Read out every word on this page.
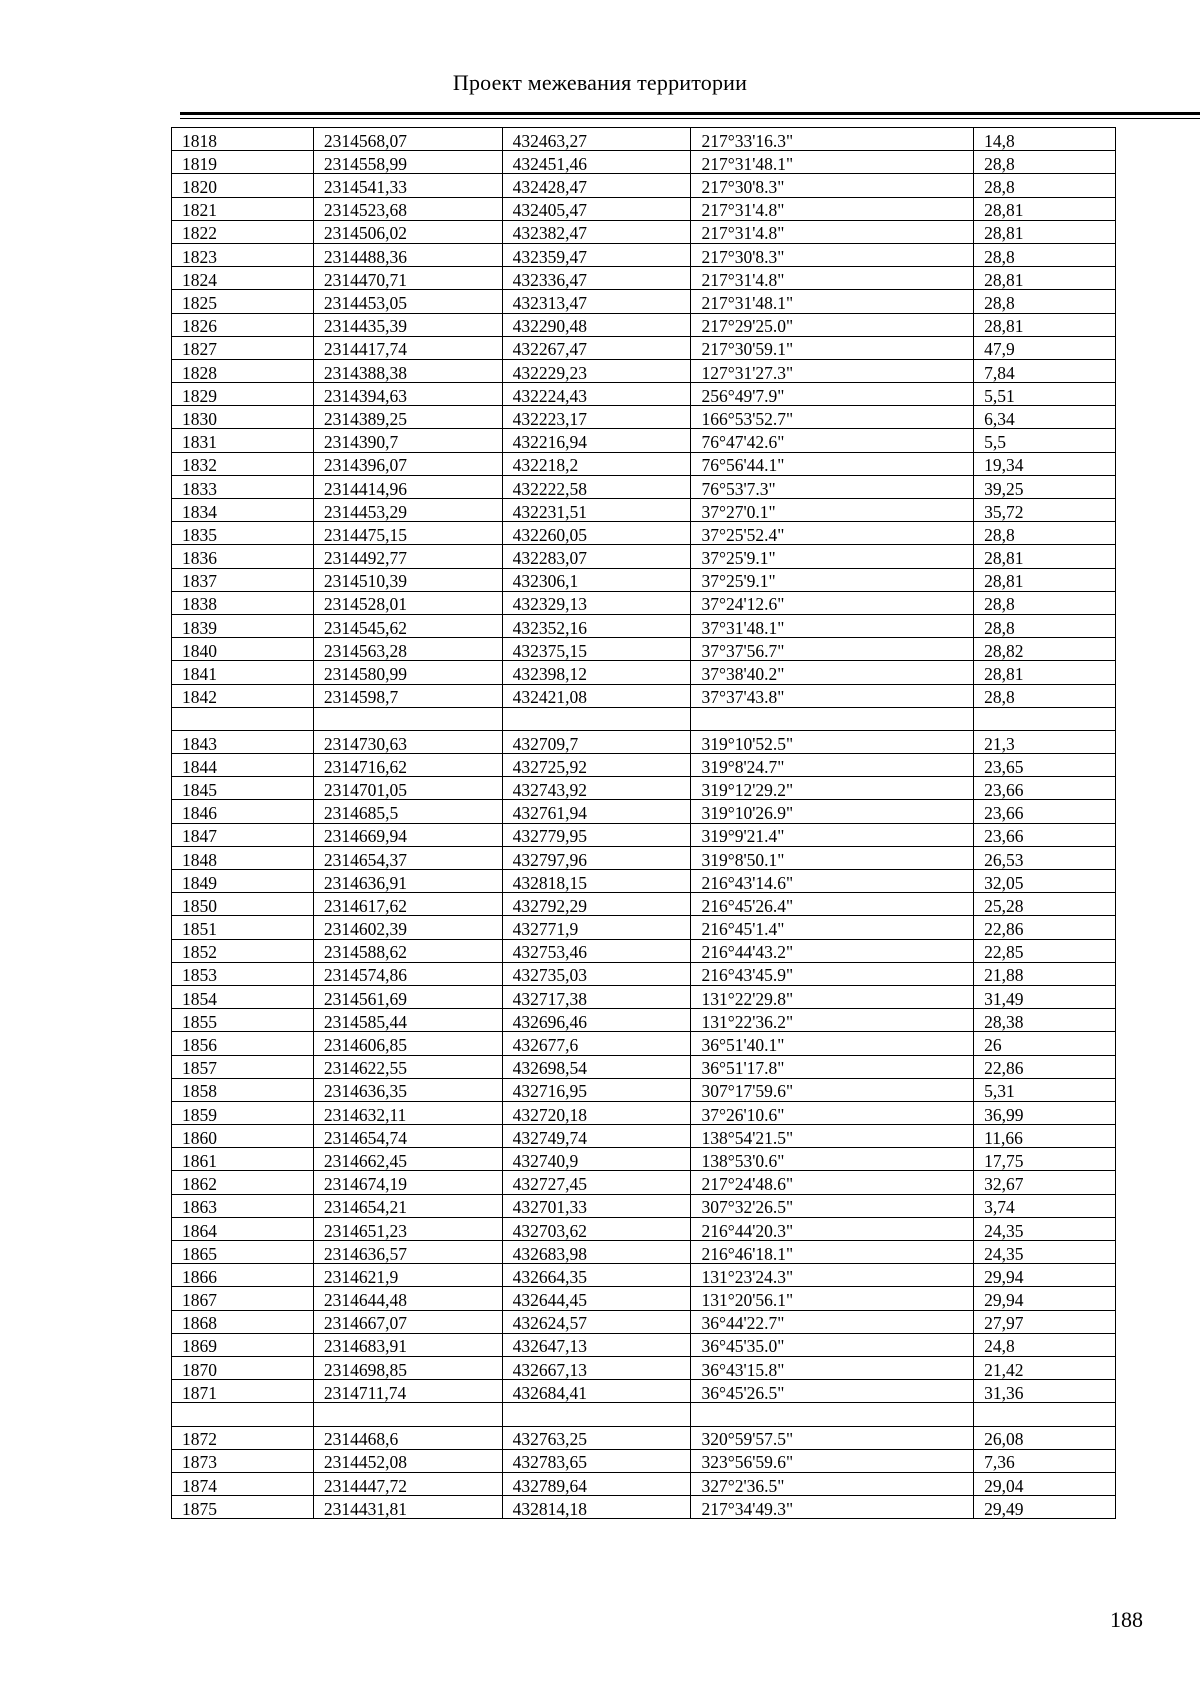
Проект межевания территории
1818	2314568,07	432463,27	217°33'16.3"	14,8
1819	2314558,99	432451,46	217°31'48.1"	28,8
1820	2314541,33	432428,47	217°30'8.3"	28,8
1821	2314523,68	432405,47	217°31'4.8"	28,81
1822	2314506,02	432382,47	217°31'4.8"	28,81
1823	2314488,36	432359,47	217°30'8.3"	28,8
1824	2314470,71	432336,47	217°31'4.8"	28,81
1825	2314453,05	432313,47	217°31'48.1"	28,8
1826	2314435,39	432290,48	217°29'25.0"	28,81
1827	2314417,74	432267,47	217°30'59.1"	47,9
1828	2314388,38	432229,23	127°31'27.3"	7,84
1829	2314394,63	432224,43	256°49'7.9"	5,51
1830	2314389,25	432223,17	166°53'52.7"	6,34
1831	2314390,7	432216,94	76°47'42.6"	5,5
1832	2314396,07	432218,2	76°56'44.1"	19,34
1833	2314414,96	432222,58	76°53'7.3"	39,25
1834	2314453,29	432231,51	37°27'0.1"	35,72
1835	2314475,15	432260,05	37°25'52.4"	28,8
1836	2314492,77	432283,07	37°25'9.1"	28,81
1837	2314510,39	432306,1	37°25'9.1"	28,81
1838	2314528,01	432329,13	37°24'12.6"	28,8
1839	2314545,62	432352,16	37°31'48.1"	28,8
1840	2314563,28	432375,15	37°37'56.7"	28,82
1841	2314580,99	432398,12	37°38'40.2"	28,81
1842	2314598,7	432421,08	37°37'43.8"	28,8

1843	2314730,63	432709,7	319°10'52.5"	21,3
1844	2314716,62	432725,92	319°8'24.7"	23,65
1845	2314701,05	432743,92	319°12'29.2"	23,66
1846	2314685,5	432761,94	319°10'26.9"	23,66
1847	2314669,94	432779,95	319°9'21.4"	23,66
1848	2314654,37	432797,96	319°8'50.1"	26,53
1849	2314636,91	432818,15	216°43'14.6"	32,05
1850	2314617,62	432792,29	216°45'26.4"	25,28
1851	2314602,39	432771,9	216°45'1.4"	22,86
1852	2314588,62	432753,46	216°44'43.2"	22,85
1853	2314574,86	432735,03	216°43'45.9"	21,88
1854	2314561,69	432717,38	131°22'29.8"	31,49
1855	2314585,44	432696,46	131°22'36.2"	28,38
1856	2314606,85	432677,6	36°51'40.1"	26
1857	2314622,55	432698,54	36°51'17.8"	22,86
1858	2314636,35	432716,95	307°17'59.6"	5,31
1859	2314632,11	432720,18	37°26'10.6"	36,99
1860	2314654,74	432749,74	138°54'21.5"	11,66
1861	2314662,45	432740,9	138°53'0.6"	17,75
1862	2314674,19	432727,45	217°24'48.6"	32,67
1863	2314654,21	432701,33	307°32'26.5"	3,74
1864	2314651,23	432703,62	216°44'20.3"	24,35
1865	2314636,57	432683,98	216°46'18.1"	24,35
1866	2314621,9	432664,35	131°23'24.3"	29,94
1867	2314644,48	432644,45	131°20'56.1"	29,94
1868	2314667,07	432624,57	36°44'22.7"	27,97
1869	2314683,91	432647,13	36°45'35.0"	24,8
1870	2314698,85	432667,13	36°43'15.8"	21,42
1871	2314711,74	432684,41	36°45'26.5"	31,36

1872	2314468,6	432763,25	320°59'57.5"	26,08
1873	2314452,08	432783,65	323°56'59.6"	7,36
1874	2314447,72	432789,64	327°2'36.5"	29,04
1875	2314431,81	432814,18	217°34'49.3"	29,49
188
